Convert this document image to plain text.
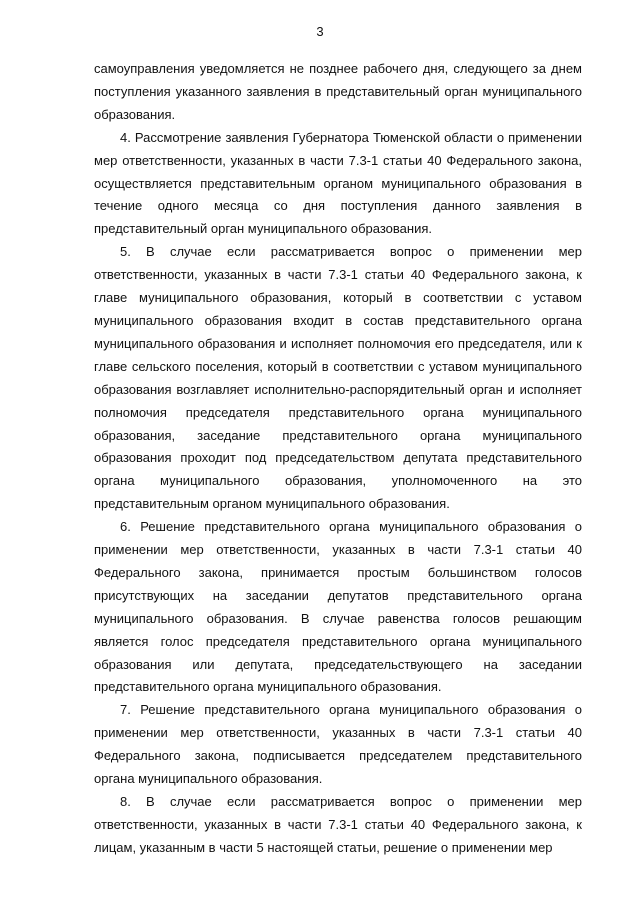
3

самоуправления уведомляется не позднее рабочего дня, следующего за днем поступления указанного заявления в представительный орган муниципального образования.

4. Рассмотрение заявления Губернатора Тюменской области о применении мер ответственности, указанных в части 7.3-1 статьи 40 Федерального закона, осуществляется представительным органом муниципального образования в течение одного месяца со дня поступления данного заявления в представительный орган муниципального образования.

5. В случае если рассматривается вопрос о применении мер ответственности, указанных в части 7.3-1 статьи 40 Федерального закона, к главе муниципального образования, который в соответствии с уставом муниципального образования входит в состав представительного органа муниципального образования и исполняет полномочия его председателя, или к главе сельского поселения, который в соответствии с уставом муниципального образования возглавляет исполнительно-распорядительный орган и исполняет полномочия председателя представительного органа муниципального образования, заседание представительного органа муниципального образования проходит под председательством депутата представительного органа муниципального образования, уполномоченного на это представительным органом муниципального образования.

6. Решение представительного органа муниципального образования о применении мер ответственности, указанных в части 7.3-1 статьи 40 Федерального закона, принимается простым большинством голосов присутствующих на заседании депутатов представительного органа муниципального образования. В случае равенства голосов решающим является голос председателя представительного органа муниципального образования или депутата, председательствующего на заседании представительного органа муниципального образования.

7. Решение представительного органа муниципального образования о применении мер ответственности, указанных в части 7.3-1 статьи 40 Федерального закона, подписывается председателем представительного органа муниципального образования.

8. В случае если рассматривается вопрос о применении мер ответственности, указанных в части 7.3-1 статьи 40 Федерального закона, к лицам, указанным в части 5 настоящей статьи, решение о применении мер
